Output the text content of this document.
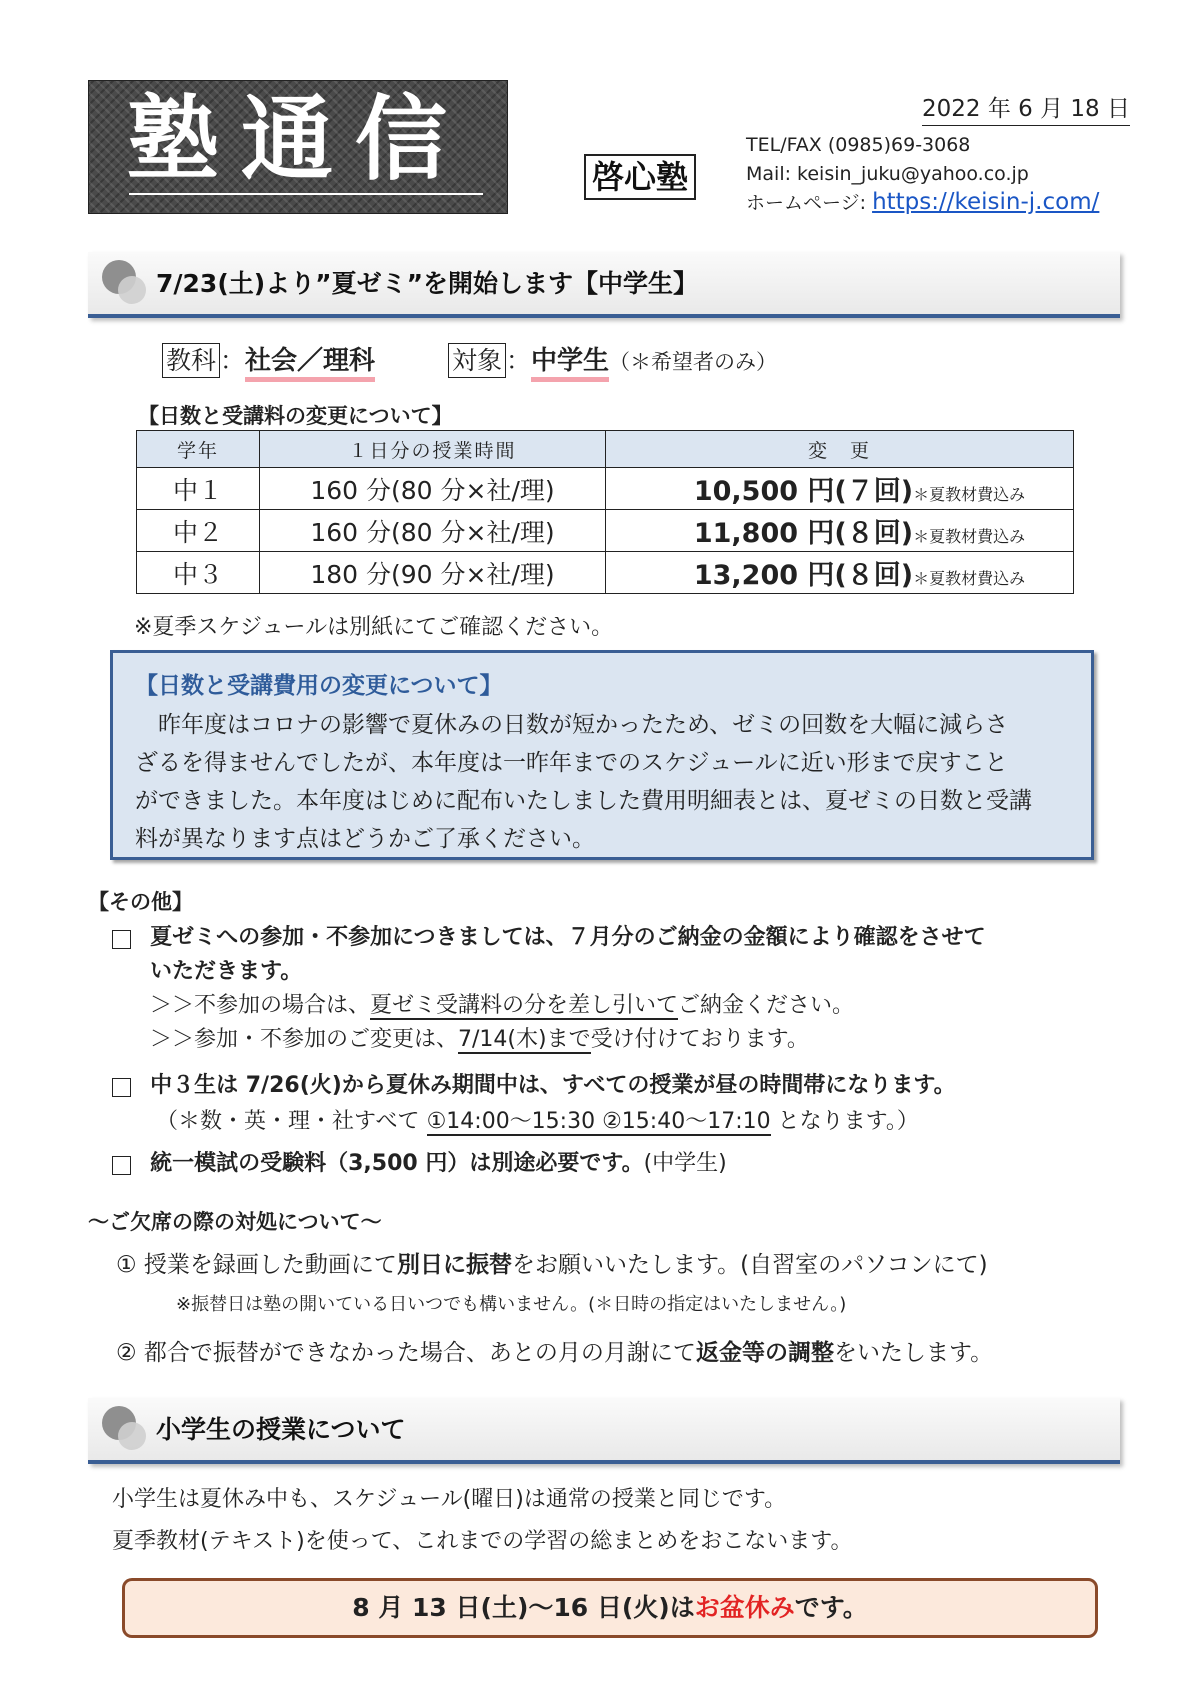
塾通信	啓心塾
2022 年 6 月 18 日
TEL/FAX (0985)69-3068
Mail: keisin_juku@yahoo.co.jp
ホームページ: https://keisin-j.com/
7/23(土)より”夏ゼミ”を開始します【中学生】
教科 ：社会／理科	対象 ：中学生（＊希望者のみ）
【日数と受講料の変更について】
学年	１日分の授業時間	変　更
中１	160 分(80 分×社/理)	10,500 円(７回)＊夏教材費込み
中２	160 分(80 分×社/理)	11,800 円(８回)＊夏教材費込み
中３	180 分(90 分×社/理)	13,200 円(８回)＊夏教材費込み
※夏季スケジュールは別紙にてご確認ください。
【日数と受講費用の変更について】
　昨年度はコロナの影響で夏休みの日数が短かったため、ゼミの回数を大幅に減らさ
ざるを得ませんでしたが、本年度は一昨年までのスケジュールに近い形まで戻すこと
ができました。本年度はじめに配布いたしました費用明細表とは、夏ゼミの日数と受講
料が異なります点はどうかご了承ください。
【その他】
夏ゼミへの参加・不参加につきましては、７月分のご納金の金額により確認をさせて
いただきます。
＞＞不参加の場合は、夏ゼミ受講料の分を差し引いてご納金ください。
＞＞参加・不参加のご変更は、7/14(木)まで受け付けております。
中３生は 7/26(火)から夏休み期間中は、すべての授業が昼の時間帯になります。
（＊数・英・理・社すべて ①14:00～15:30 ②15:40～17:10 となります。）
統一模試の受験料（3,500 円）は別途必要です。(中学生)
～ご欠席の際の対処について～
① 授業を録画した動画にて別日に振替をお願いいたします。(自習室のパソコンにて)
※振替日は塾の開いている日いつでも構いません。(＊日時の指定はいたしません。)
② 都合で振替ができなかった場合、あとの月の月謝にて返金等の調整をいたします。
小学生の授業について
小学生は夏休み中も、スケジュール(曜日)は通常の授業と同じです。
夏季教材(テキスト)を使って、これまでの学習の総まとめをおこないます。
8 月 13 日(土)～16 日(火)はお盆休みです。
